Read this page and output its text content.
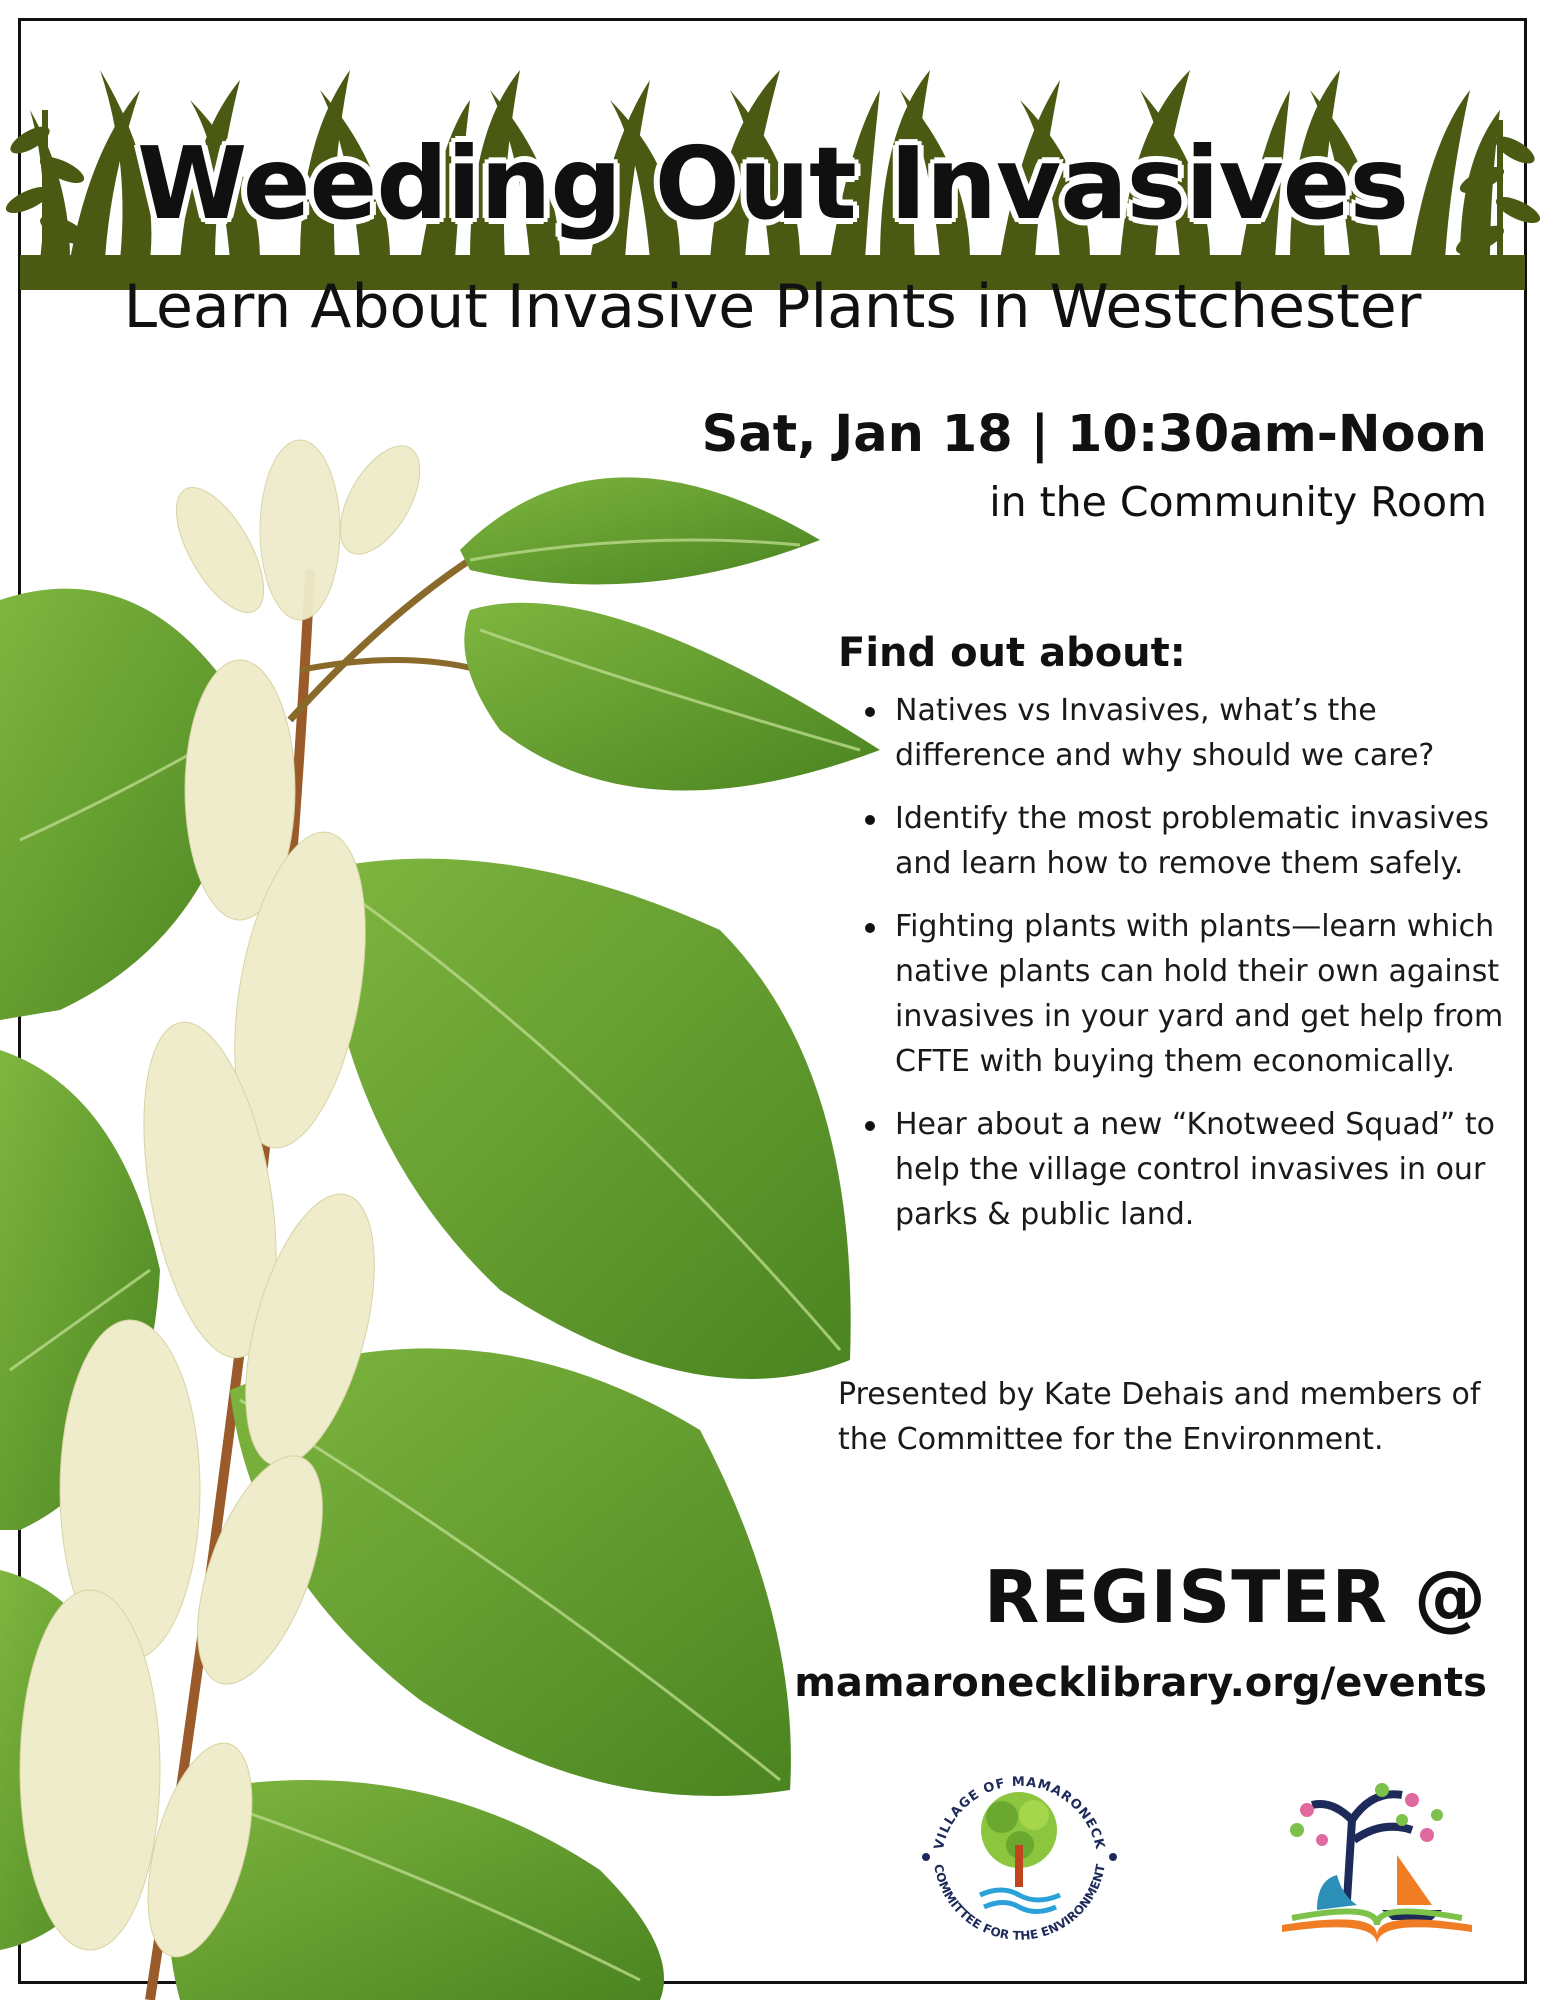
Weeding Out Invasives
Learn About Invasive Plants in Westchester
Sat, Jan 18 | 10:30am-Noon
in the Community Room
Find out about:
Natives vs Invasives, what’s the difference and why should we care?
Identify the most problematic invasives and learn how to remove them safely.
Fighting plants with plants—learn which native plants can hold their own against invasives in your yard and get help from CFTE with buying them economically.
Hear about a new “Knotweed Squad” to help the village control invasives in our parks & public land.
Presented by Kate Dehais and members of the Committee for the Environment.
REGISTER @
mamaronecklibrary.org/events
VILLAGE OF MAMARONECK
COMMITTEE FOR THE ENVIRONMENT
